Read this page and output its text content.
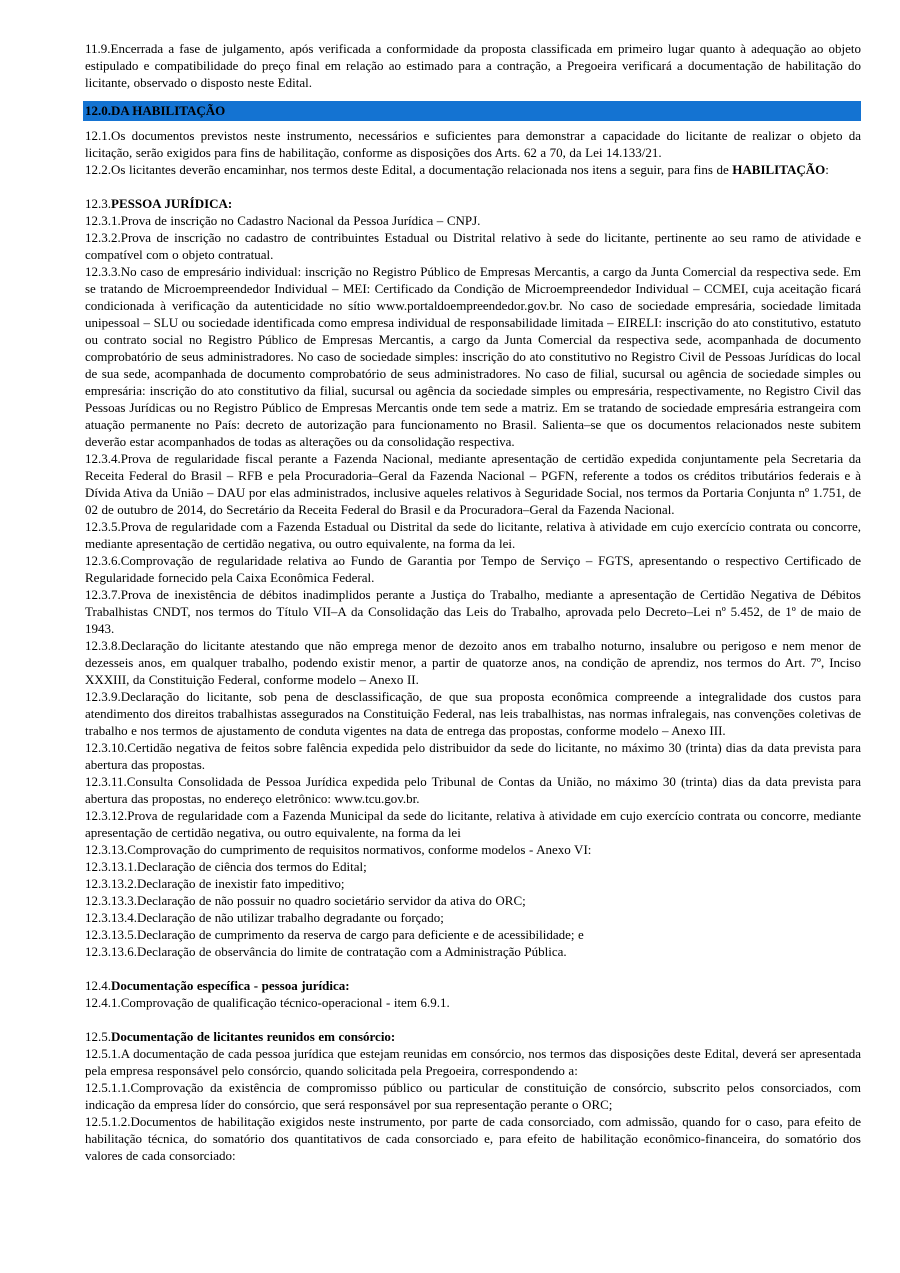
11.9.Encerrada a fase de julgamento, após verificada a conformidade da proposta classificada em primeiro lugar quanto à adequação ao objeto estipulado e compatibilidade do preço final em relação ao estimado para a contração, a Pregoeira verificará a documentação de habilitação do licitante, observado o disposto neste Edital.

12.0.DA HABILITAÇÃO

12.1.Os documentos previstos neste instrumento, necessários e suficientes para demonstrar a capacidade do licitante de realizar o objeto da licitação, serão exigidos para fins de habilitação, conforme as disposições dos Arts. 62 a 70, da Lei 14.133/21.

12.2.Os licitantes deverão encaminhar, nos termos deste Edital, a documentação relacionada nos itens a seguir, para fins de HABILITAÇÃO:

12.3.PESSOA JURÍDICA:

12.3.1.Prova de inscrição no Cadastro Nacional da Pessoa Jurídica – CNPJ.

12.3.2.Prova de inscrição no cadastro de contribuintes Estadual ou Distrital relativo à sede do licitante, pertinente ao seu ramo de atividade e compatível com o objeto contratual.

12.3.3.No caso de empresário individual: inscrição no Registro Público de Empresas Mercantis, a cargo da Junta Comercial da respectiva sede. Em se tratando de Microempreendedor Individual – MEI: Certificado da Condição de Microempreendedor Individual – CCMEI, cuja aceitação ficará condicionada à verificação da autenticidade no sítio www.portaldoempreendedor.gov.br. No caso de sociedade empresária, sociedade limitada unipessoal – SLU ou sociedade identificada como empresa individual de responsabilidade limitada – EIRELI: inscrição do ato constitutivo, estatuto ou contrato social no Registro Público de Empresas Mercantis, a cargo da Junta Comercial da respectiva sede, acompanhada de documento comprobatório de seus administradores. No caso de sociedade simples: inscrição do ato constitutivo no Registro Civil de Pessoas Jurídicas do local de sua sede, acompanhada de documento comprobatório de seus administradores. No caso de filial, sucursal ou agência de sociedade simples ou empresária: inscrição do ato constitutivo da filial, sucursal ou agência da sociedade simples ou empresária, respectivamente, no Registro Civil das Pessoas Jurídicas ou no Registro Público de Empresas Mercantis onde tem sede a matriz. Em se tratando de sociedade empresária estrangeira com atuação permanente no País: decreto de autorização para funcionamento no Brasil. Salienta–se que os documentos relacionados neste subitem deverão estar acompanhados de todas as alterações ou da consolidação respectiva.

12.3.4.Prova de regularidade fiscal perante a Fazenda Nacional, mediante apresentação de certidão expedida conjuntamente pela Secretaria da Receita Federal do Brasil – RFB e pela Procuradoria–Geral da Fazenda Nacional – PGFN, referente a todos os créditos tributários federais e à Dívida Ativa da União – DAU por elas administrados, inclusive aqueles relativos à Seguridade Social, nos termos da Portaria Conjunta nº 1.751, de 02 de outubro de 2014, do Secretário da Receita Federal do Brasil e da Procuradora–Geral da Fazenda Nacional.

12.3.5.Prova de regularidade com a Fazenda Estadual ou Distrital da sede do licitante, relativa à atividade em cujo exercício contrata ou concorre, mediante apresentação de certidão negativa, ou outro equivalente, na forma da lei.

12.3.6.Comprovação de regularidade relativa ao Fundo de Garantia por Tempo de Serviço – FGTS, apresentando o respectivo Certificado de Regularidade fornecido pela Caixa Econômica Federal.

12.3.7.Prova de inexistência de débitos inadimplidos perante a Justiça do Trabalho, mediante a apresentação de Certidão Negativa de Débitos Trabalhistas CNDT, nos termos do Título VII–A da Consolidação das Leis do Trabalho, aprovada pelo Decreto–Lei nº 5.452, de 1º de maio de 1943.

12.3.8.Declaração do licitante atestando que não emprega menor de dezoito anos em trabalho noturno, insalubre ou perigoso e nem menor de dezesseis anos, em qualquer trabalho, podendo existir menor, a partir de quatorze anos, na condição de aprendiz, nos termos do Art. 7º, Inciso XXXIII, da Constituição Federal, conforme modelo – Anexo II.

12.3.9.Declaração do licitante, sob pena de desclassificação, de que sua proposta econômica compreende a integralidade dos custos para atendimento dos direitos trabalhistas assegurados na Constituição Federal, nas leis trabalhistas, nas normas infralegais, nas convenções coletivas de trabalho e nos termos de ajustamento de conduta vigentes na data de entrega das propostas, conforme modelo – Anexo III.

12.3.10.Certidão negativa de feitos sobre falência expedida pelo distribuidor da sede do licitante, no máximo 30 (trinta) dias da data prevista para abertura das propostas.

12.3.11.Consulta Consolidada de Pessoa Jurídica expedida pelo Tribunal de Contas da União, no máximo 30 (trinta) dias da data prevista para abertura das propostas, no endereço eletrônico: www.tcu.gov.br.

12.3.12.Prova de regularidade com a Fazenda Municipal da sede do licitante, relativa à atividade em cujo exercício contrata ou concorre, mediante apresentação de certidão negativa, ou outro equivalente, na forma da lei

12.3.13.Comprovação do cumprimento de requisitos normativos, conforme modelos - Anexo VI:

12.3.13.1.Declaração de ciência dos termos do Edital;

12.3.13.2.Declaração de inexistir fato impeditivo;

12.3.13.3.Declaração de não possuir no quadro societário servidor da ativa do ORC;

12.3.13.4.Declaração de não utilizar trabalho degradante ou forçado;

12.3.13.5.Declaração de cumprimento da reserva de cargo para deficiente e de acessibilidade; e

12.3.13.6.Declaração de observância do limite de contratação com a Administração Pública.

12.4.Documentação específica - pessoa jurídica:

12.4.1.Comprovação de qualificação técnico-operacional - item 6.9.1.

12.5.Documentação de licitantes reunidos em consórcio:

12.5.1.A documentação de cada pessoa jurídica que estejam reunidas em consórcio, nos termos das disposições deste Edital, deverá ser apresentada pela empresa responsável pelo consórcio, quando solicitada pela Pregoeira, correspondendo a:

12.5.1.1.Comprovação da existência de compromisso público ou particular de constituição de consórcio, subscrito pelos consorciados, com indicação da empresa líder do consórcio, que será responsável por sua representação perante o ORC;

12.5.1.2.Documentos de habilitação exigidos neste instrumento, por parte de cada consorciado, com admissão, quando for o caso, para efeito de habilitação técnica, do somatório dos quantitativos de cada consorciado e, para efeito de habilitação econômico-financeira, do somatório dos valores de cada consorciado:
